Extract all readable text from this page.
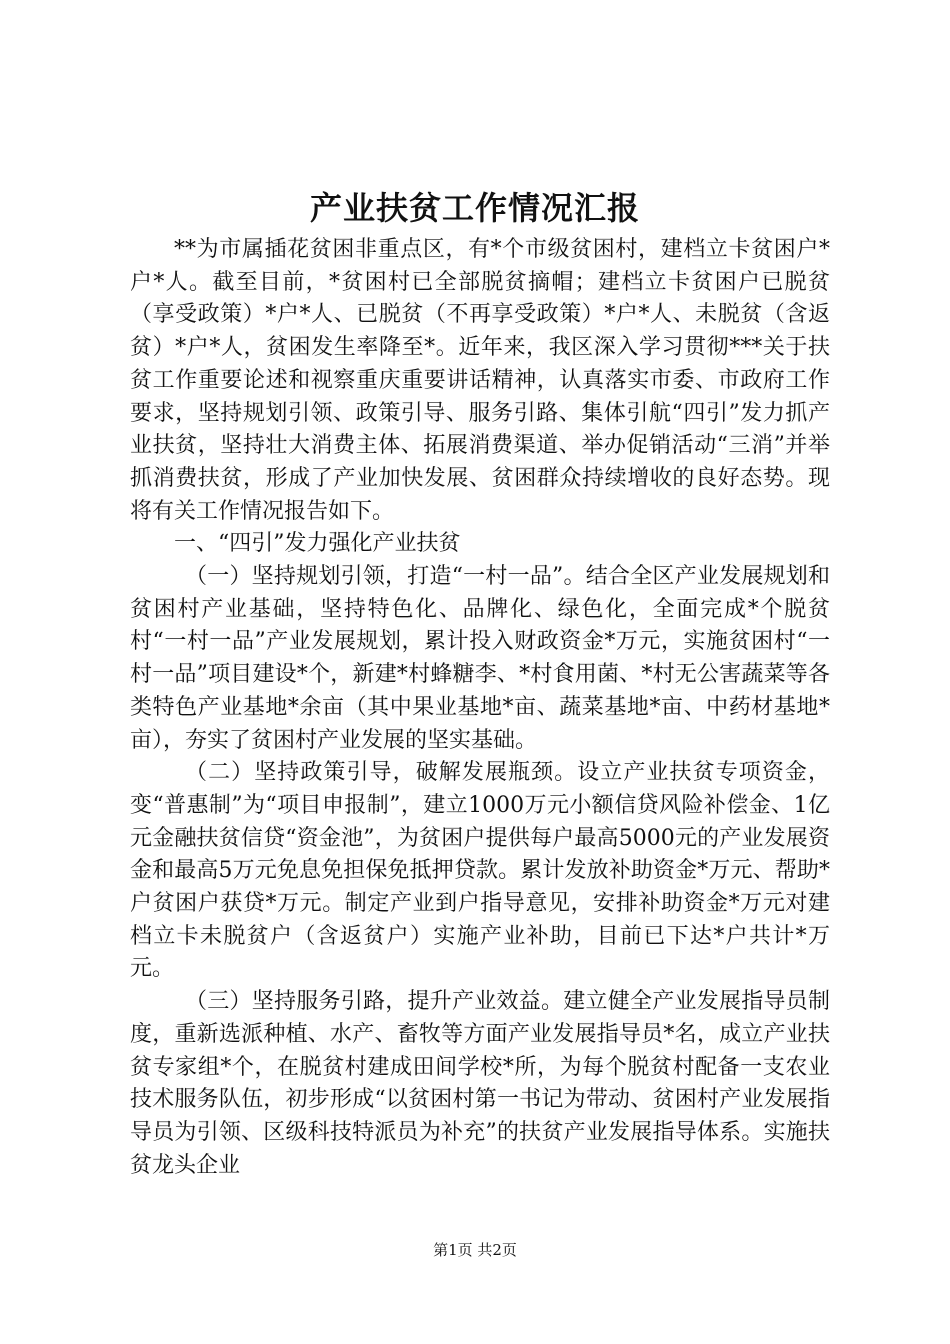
产业扶贫工作情况汇报

**为市属插花贫困非重点区，有*个市级贫困村，建档立卡贫困户*户*人。截至目前，*贫困村已全部脱贫摘帽；建档立卡贫困户已脱贫（享受政策）*户*人、已脱贫（不再享受政策）*户*人、未脱贫（含返贫）*户*人，贫困发生率降至*。近年来，我区深入学习贯彻***关于扶贫工作重要论述和视察重庆重要讲话精神，认真落实市委、市政府工作要求，坚持规划引领、政策引导、服务引路、集体引航“四引”发力抓产业扶贫，坚持壮大消费主体、拓展消费渠道、举办促销活动“三消”并举抓消费扶贫，形成了产业加快发展、贫困群众持续增收的良好态势。现将有关工作情况报告如下。

一、“四引”发力强化产业扶贫

（一）坚持规划引领，打造“一村一品”。结合全区产业发展规划和贫困村产业基础，坚持特色化、品牌化、绿色化，全面完成*个脱贫村“一村一品”产业发展规划，累计投入财政资金*万元，实施贫困村“一村一品”项目建设*个，新建*村蜂糖李、*村食用菌、*村无公害蔬菜等各类特色产业基地*余亩（其中果业基地*亩、蔬菜基地*亩、中药材基地*亩），夯实了贫困村产业发展的坚实基础。

（二）坚持政策引导，破解发展瓶颈。设立产业扶贫专项资金，变“普惠制”为“项目申报制”，建立1000万元小额信贷风险补偿金、1亿元金融扶贫信贷“资金池”，为贫困户提供每户最高5000元的产业发展资金和最高5万元免息免担保免抵押贷款。累计发放补助资金*万元、帮助*户贫困户获贷*万元。制定产业到户指导意见，安排补助资金*万元对建档立卡未脱贫户（含返贫户）实施产业补助，目前已下达*户共计*万元。

（三）坚持服务引路，提升产业效益。建立健全产业发展指导员制度，重新选派种植、水产、畜牧等方面产业发展指导员*名，成立产业扶贫专家组*个，在脱贫村建成田间学校*所，为每个脱贫村配备一支农业技术服务队伍，初步形成“以贫困村第一书记为带动、贫困村产业发展指导员为引领、区级科技特派员为补充”的扶贫产业发展指导体系。实施扶贫龙头企业

第1页 共2页
